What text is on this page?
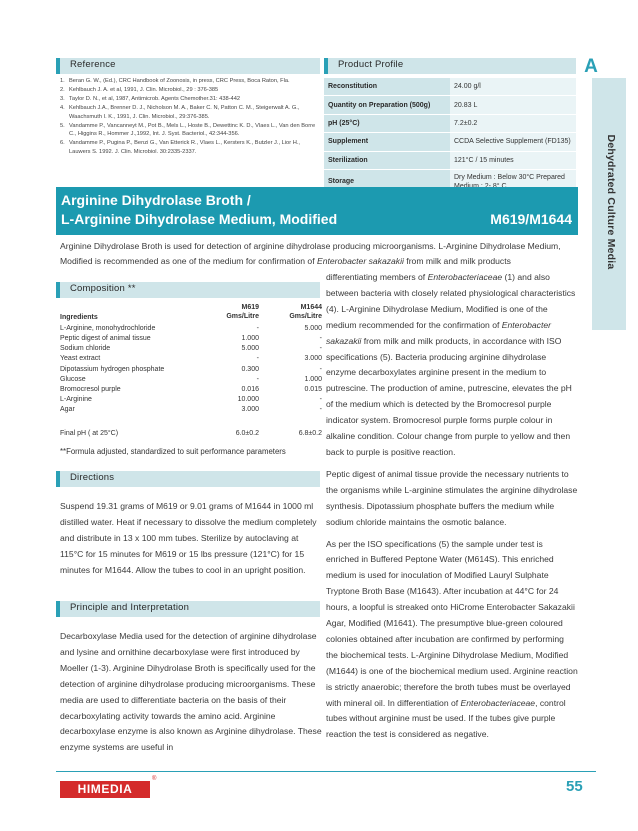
Reference
1. Beran G. W., (Ed.), CRC Handbook of Zoonosis, in press, CRC Press, Boca Raton, Fla.
2. Kehlbauch J. A. et al, 1991, J. Clin. Microbiol., 29 : 376-385
3. Taylor D. N., et al, 1987, Antimicrob. Agents Chemother.31: 438-442
4. Kehlbauch J.A., Brenner D. J., Nicholson M. A., Baker C. N, Patton C. M., Steigerwalt A. G., Waachsmuth I. K., 1991, J. Clin. Microbiol., 29:376-385.
5. Vandamme P., Vancanneyt M., Pot B., Mels L., Hoste B., Dewettinc K. D., Vlaes L., Van den Borre C., Higgins R., Hommer J.,1992, Int. J. Syst. Bacteriol., 42:344-356.
6. Vandamme P., Pugina P., Benzi G., Van Etterick R., Vlaes L., Kersters K., Butzler J., Lior H., Lauwers S. 1992. J. Clin. Microbiol. 30:2335-2337.
Product Profile
Reconstitution	24.00 g/l
Quantity on Preparation (500g)	20.83 L
pH (25°C)	7.2±0.2
Supplement	CCDA Selective Supplement (FD135)
Sterilization	121°C / 15 minutes
Storage	Dry Medium : Below 30°C Prepared
A
Dehydrated Culture Media
Arginine Dihydrolase Broth /
L-Arginine Dihydrolase Medium, Modified	M619/M1644
Arginine Dihydrolase Broth is used for detection of arginine dihydrolase producing microorganisms. L-Arginine Dihydrolase Medium, Modified is recommended as one of the medium for confirmation of Enterobacter sakazakii from milk and milk products
Composition **
M619
Gms/Litre
M1644
Gms/Litre
Ingredients
L-Arginine, monohydrochloride	-	5.000
Peptic digest of animal tissue	1.000	-
Sodium chloride	5.000	-
Yeast extract	-	3.000
Dipotassium hydrogen phosphate	0.300	-
Glucose	-	1.000
Bromocresol purple	0.016	0.015
L-Arginine	10.000	-
Agar	3.000	-
Final pH ( at 25°C)	6.0±0.2	6.8±0.2
**Formula adjusted, standardized to suit performance parameters
Directions

Suspend 19.31 grams of M619 or 9.01 grams of M1644 in 1000 ml distilled water. Heat if necessary to dissolve the medium completely and distribute in 13 x 100 mm tubes. Sterilize by autoclaving at 115°C for 15 minutes for M619 or 15 lbs pressure (121°C) for 15 minutes for M1644. Allow the tubes to cool in an upright position.

Principle and Interpretation

Decarboxylase Media used for the detection of arginine dihydrolase and lysine and ornithine decarboxylase were first introduced by Moeller (1-3). Arginine Dihydrolase Broth is specifically used for the detection of arginine dihydrolase producing microorganisms. These media are used to differentiate bacteria on the basis of their decarboxylating activity towards the amino acid. Arginine decarboxylase enzyme is also known as Arginine dihydrolase. These enzyme systems are useful in

differentiating members of Enterobacteriaceae (1) and also between bacteria with closely related physiological characteristics (4). L-Arginine Dihydrolase Medium, Modified is one of the medium recommended for the confirmation of Enterobacter sakazakii from milk and milk products, in accordance with ISO specifications (5). Bacteria producing arginine dihydrolase enzyme decarboxylates arginine present in the medium to putrescine. The production of amine, putrescine, elevates the pH of the medium which is detected by the Bromocresol purple indicator system. Bromocresol purple forms purple colour in alkaline condition. Colour change from purple to yellow and then back to purple is positive reaction.

Peptic digest of animal tissue provide the necessary nutrients to the organisms while L-arginine stimulates the arginine dihydrolase synthesis. Dipotassium phosphate buffers the medium while sodium chloride maintains the osmotic balance.

As per the ISO specifications (5) the sample under test is enriched in Buffered Peptone Water (M614S). This enriched medium is used for inoculation of Modified Lauryl Sulphate Tryptone Broth Base (M1643). After incubation at 44°C for 24 hours, a loopful is streaked onto HiCrome Enterobacter Sakazakii Agar, Modified (M1641). The presumptive blue-green coloured colonies obtained after incubation are confirmed by performing the biochemical tests. L-Arginine Dihydrolase Medium, Modified (M1644) is one of the biochemical medium used. Arginine reaction is strictly anaerobic; therefore the broth tubes must be overlayed with mineral oil. In differentiation of Enterobacteriaceae, control tubes without arginine must be used. If the tubes give purple reaction the test is considered as negative.

HIMEDIA
®	55
